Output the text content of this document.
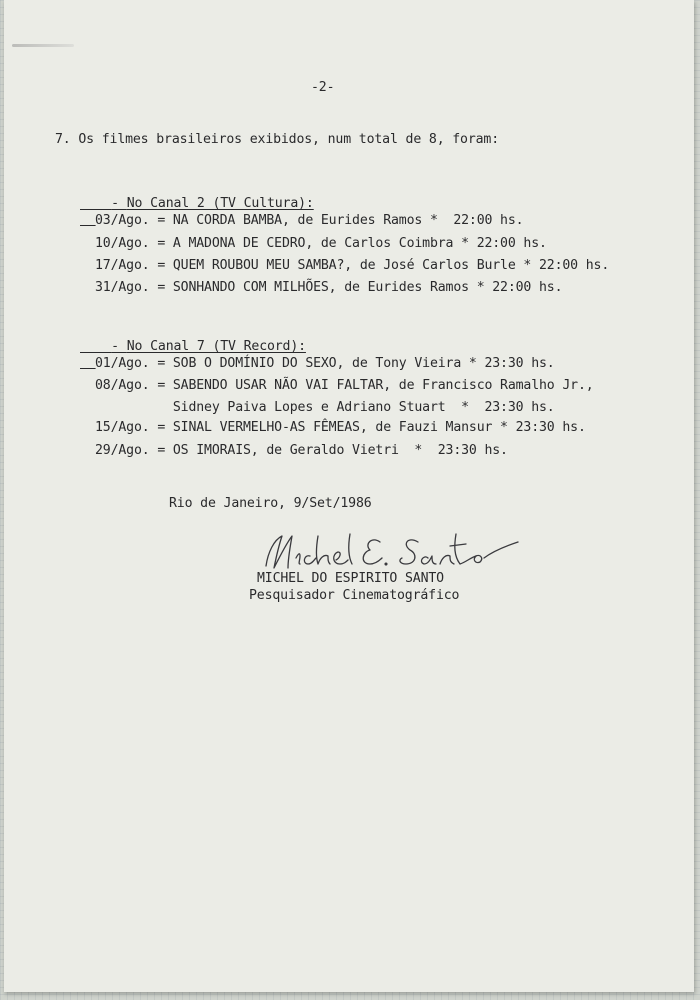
-2-
7. Os filmes brasileiros exibidos, num total de 8, foram:

- No Canal 2 (TV Cultura):

03/Ago. = NA CORDA BAMBA, de Eurides Ramos *  22:00 hs.
10/Ago. = A MADONA DE CEDRO, de Carlos Coimbra * 22:00 hs.
17/Ago. = QUEM ROUBOU MEU SAMBA?, de José Carlos Burle * 22:00 hs.
31/Ago. = SONHANDO COM MILHÕES, de Eurides Ramos * 22:00 hs.

- No Canal 7 (TV Record):

01/Ago. = SOB O DOMÍNIO DO SEXO, de Tony Vieira * 23:30 hs.
08/Ago. = SABENDO USAR NÃO VAI FALTAR, de Francisco Ramalho Jr.,
Sidney Paiva Lopes e Adriano Stuart  *  23:30 hs.
15/Ago. = SINAL VERMELHO-AS FÊMEAS, de Fauzi Mansur * 23:30 hs.
29/Ago. = OS IMORAIS, de Geraldo Vietri  *  23:30 hs.
Rio de Janeiro, 9/Set/1986
MICHEL DO ESPIRITO SANTO
Pesquisador Cinematográfico
